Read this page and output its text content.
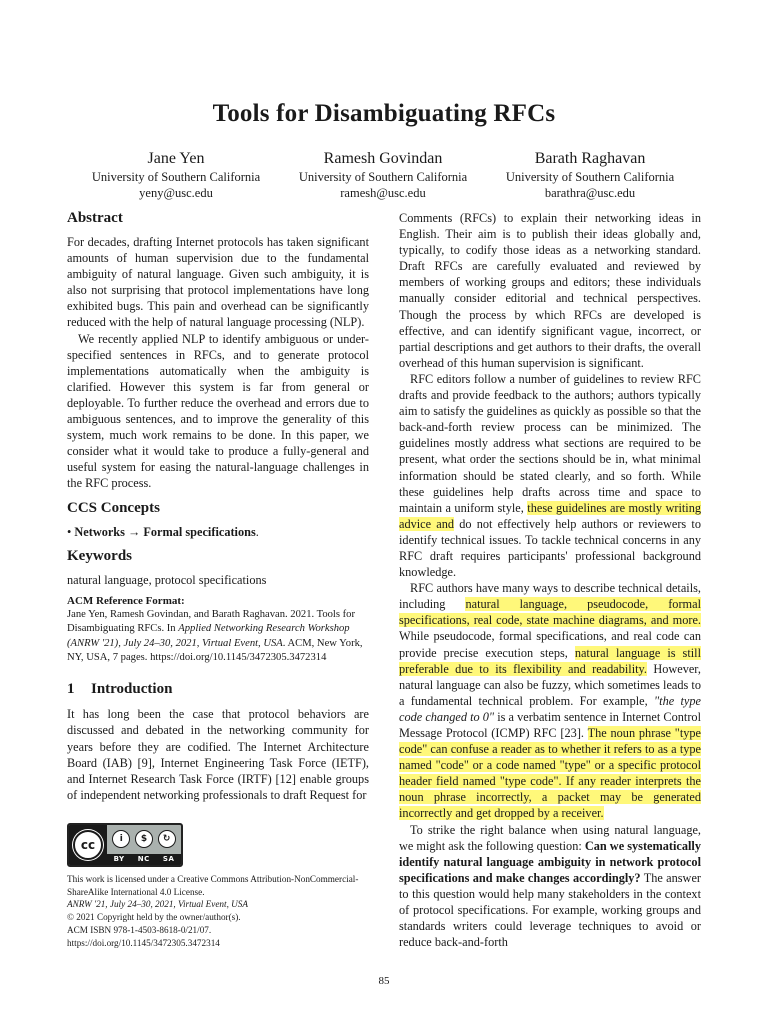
Tools for Disambiguating RFCs
Jane Yen
University of Southern California
yeny@usc.edu
Ramesh Govindan
University of Southern California
ramesh@usc.edu
Barath Raghavan
University of Southern California
barathra@usc.edu
Abstract

For decades, drafting Internet protocols has taken significant amounts of human supervision due to the fundamental ambiguity of natural language. Given such ambiguity, it is also not surprising that protocol implementations have long exhibited bugs. This pain and overhead can be significantly reduced with the help of natural language processing (NLP).

We recently applied NLP to identify ambiguous or under-specified sentences in RFCs, and to generate protocol implementations automatically when the ambiguity is clarified. However this system is far from general or deployable. To further reduce the overhead and errors due to ambiguous sentences, and to improve the generality of this system, much work remains to be done. In this paper, we consider what it would take to produce a fully-general and useful system for easing the natural-language challenges in the RFC process.

CCS Concepts
• Networks → Formal specifications.
Keywords

natural language, protocol specifications

ACM Reference Format:
Jane Yen, Ramesh Govindan, and Barath Raghavan. 2021. Tools for Disambiguating RFCs. In Applied Networking Research Workshop (ANRW '21), July 24–30, 2021, Virtual Event, USA. ACM, New York, NY, USA, 7 pages. https://doi.org/10.1145/3472305.3472314
1 Introduction

It has long been the case that protocol behaviors are discussed and debated in the networking community for years before they are codified. The Internet Architecture Board (IAB) [9], Internet Engineering Task Force (IETF), and Internet Research Task Force (IRTF) [12] enable groups of independent networking professionals to draft Request for

cc	i	$	↻
BY NC SA
This work is licensed under a Creative Commons Attribution-NonCommercial-ShareAlike International 4.0 License.
ANRW '21, July 24–30, 2021, Virtual Event, USA
© 2021 Copyright held by the owner/author(s).
ACM ISBN 978-1-4503-8618-0/21/07.
https://doi.org/10.1145/3472305.3472314

Comments (RFCs) to explain their networking ideas in English. Their aim is to publish their ideas globally and, typically, to codify those ideas as a networking standard. Draft RFCs are carefully evaluated and reviewed by members of working groups and editors; these individuals manually consider editorial and technical perspectives. Though the process by which RFCs are developed is effective, and can identify significant vague, incorrect, or partial descriptions and get authors to their drafts, the overall overhead of this human supervision is significant.

RFC editors follow a number of guidelines to review RFC drafts and provide feedback to the authors; authors typically aim to satisfy the guidelines as quickly as possible so that the back-and-forth review process can be minimized. The guidelines mostly address what sections are required to be present, what order the sections should be in, what minimal information should be stated clearly, and so forth. While these guidelines help drafts across time and space to maintain a uniform style, these guidelines are mostly writing advice and do not effectively help authors or reviewers to identify technical issues. To tackle technical concerns in any RFC draft requires participants' professional background knowledge.

RFC authors have many ways to describe technical details, including natural language, pseudocode, formal specifications, real code, state machine diagrams, and more. While pseudocode, formal specifications, and real code can provide precise execution steps, natural language is still preferable due to its flexibility and readability. However, natural language can also be fuzzy, which sometimes leads to a fundamental technical problem. For example, "the type code changed to 0" is a verbatim sentence in Internet Control Message Protocol (ICMP) RFC [23]. The noun phrase "type code" can confuse a reader as to whether it refers to as a type named "code" or a code named "type" or a specific protocol header field named "type code". If any reader interprets the noun phrase incorrectly, a packet may be generated incorrectly and get dropped by a receiver.

To strike the right balance when using natural language, we might ask the following question: Can we systematically identify natural language ambiguity in network protocol specifications and make changes accordingly? The answer to this question would help many stakeholders in the context of protocol specifications. For example, working groups and standards writers could leverage techniques to avoid or reduce back-and-forth

85
